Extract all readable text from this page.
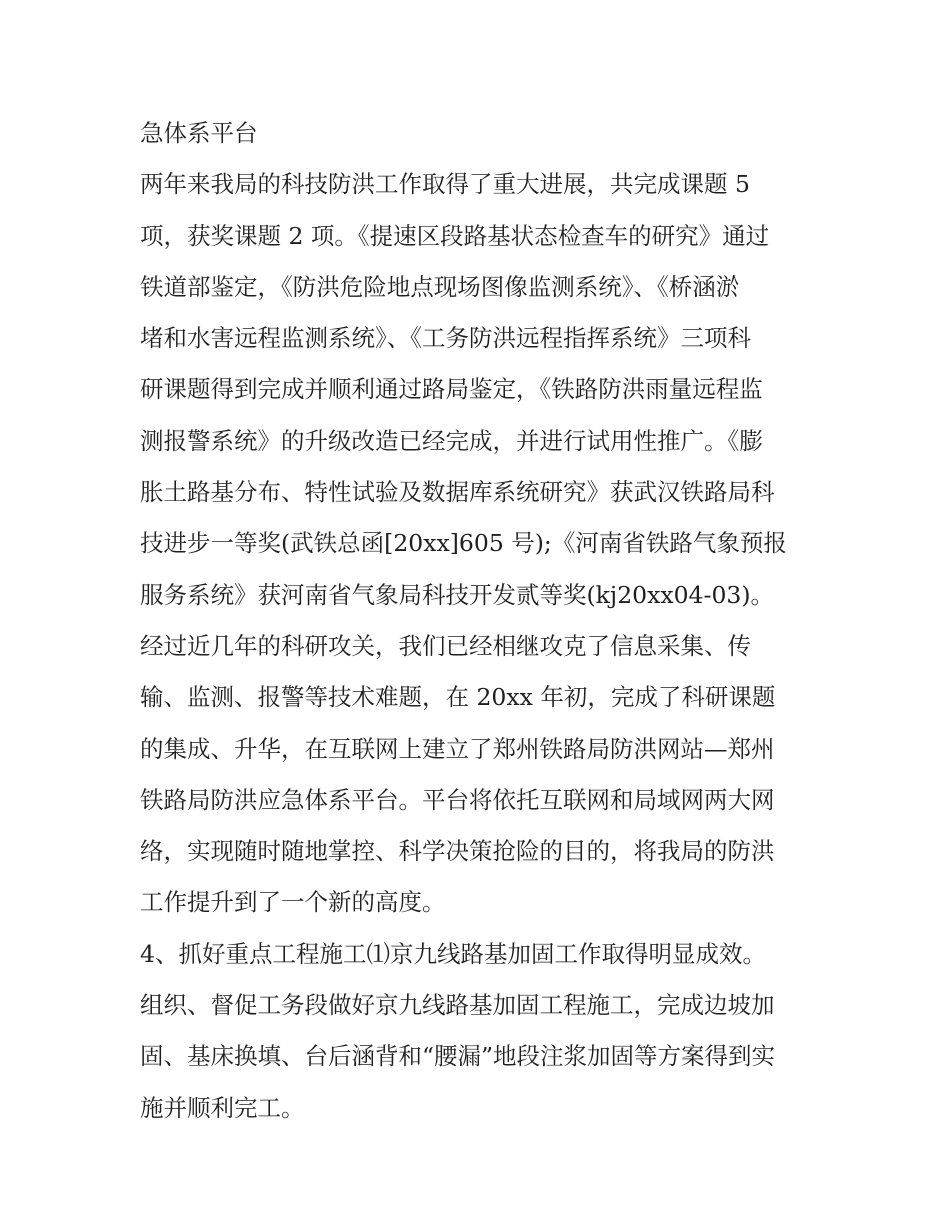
急体系平台
两年来我局的科技防洪工作取得了重大进展，共完成课题 5
项，获奖课题 2 项。《提速区段路基状态检查车的研究》通过
铁道部鉴定，《防洪危险地点现场图像监测系统》、《桥涵淤
堵和水害远程监测系统》、《工务防洪远程指挥系统》三项科
研课题得到完成并顺利通过路局鉴定，《铁路防洪雨量远程监
测报警系统》的升级改造已经完成，并进行试用性推广。《膨
胀土路基分布、特性试验及数据库系统研究》获武汉铁路局科
技进步一等奖(武铁总函[20xx]605 号);《河南省铁路气象预报
服务系统》获河南省气象局科技开发贰等奖(kj20xx04-03)。
经过近几年的科研攻关，我们已经相继攻克了信息采集、传
输、监测、报警等技术难题，在 20xx 年初，完成了科研课题
的集成、升华，在互联网上建立了郑州铁路局防洪网站—郑州
铁路局防洪应急体系平台。平台将依托互联网和局域网两大网
络，实现随时随地掌控、科学决策抢险的目的，将我局的防洪
工作提升到了一个新的高度。
4、抓好重点工程施工⑴京九线路基加固工作取得明显成效。
组织、督促工务段做好京九线路基加固工程施工，完成边坡加
固、基床换填、台后涵背和“腰漏”地段注浆加固等方案得到实
施并顺利完工。
